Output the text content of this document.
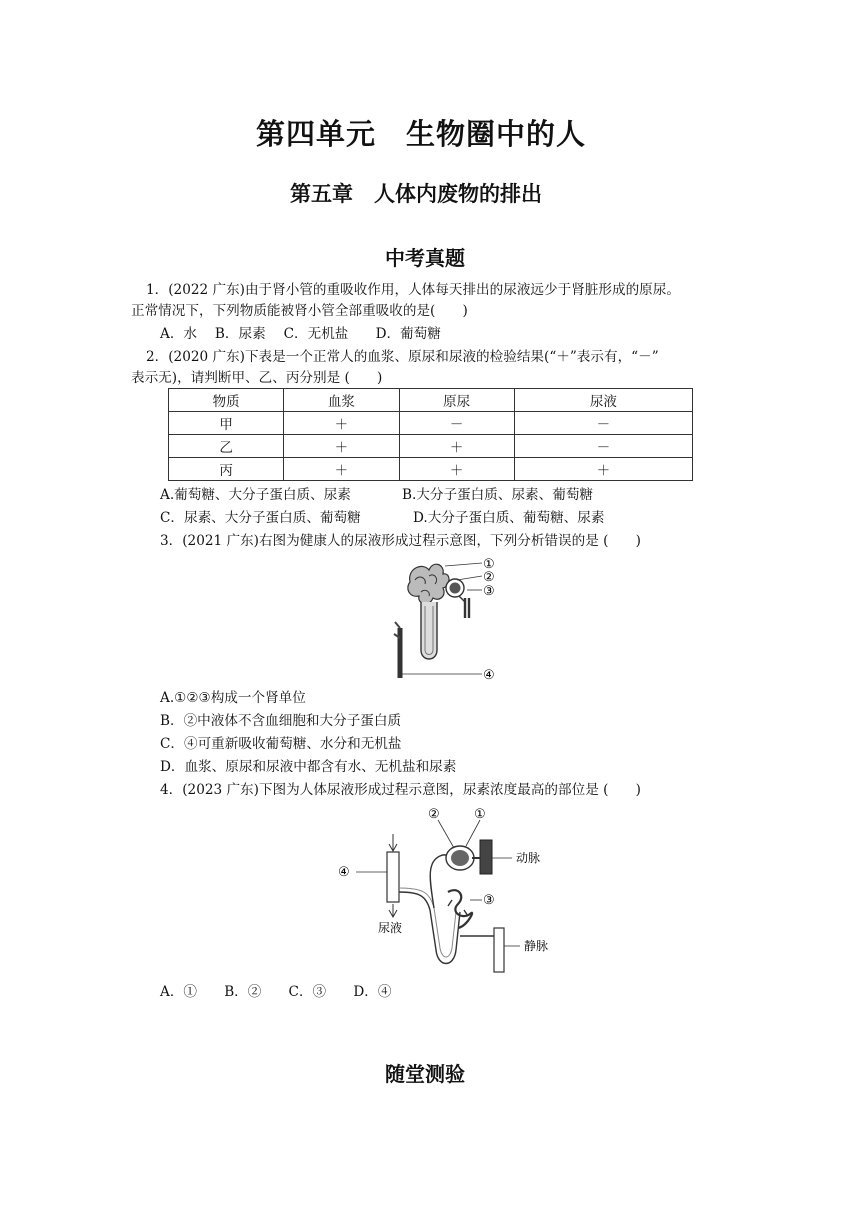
第四单元　生物圈中的人
第五章　人体内废物的排出
中考真题
1．(2022 广东)由于肾小管的重吸收作用，人体每天排出的尿液远少于肾脏形成的原尿。
正常情况下，下列物质能被肾小管全部重吸收的是(　　)
A．水　 B．尿素　 C．无机盐　　D．葡萄糖
2．(2020 广东)下表是一个正常人的血浆、原尿和尿液的检验结果(“＋”表示有，“－”
表示无)，请判断甲、乙、丙分别是 (　　)
物质	血浆	原尿	尿液
甲	＋	－	－
乙	＋	＋	－
丙	＋	＋	＋
A.葡萄糖、大分子蛋白质、尿素	B.大分子蛋白质、尿素、葡萄糖
C．尿素、大分子蛋白质、葡萄糖	D.大分子蛋白质、葡萄糖、尿素
3．(2021 广东)右图为健康人的尿液形成过程示意图，下列分析错误的是 (　　)
①
②
③
④
A.①②③构成一个肾单位
B．②中液体不含血细胞和大分子蛋白质
C．④可重新吸收葡萄糖、水分和无机盐
D．血浆、原尿和尿液中都含有水、无机盐和尿素
4．(2023 广东)下图为人体尿液形成过程示意图，尿素浓度最高的部位是 (　　)
②	①
④
③
动脉
静脉
尿液
A．①　　B．②　　C．③　　D．④
随堂测验
